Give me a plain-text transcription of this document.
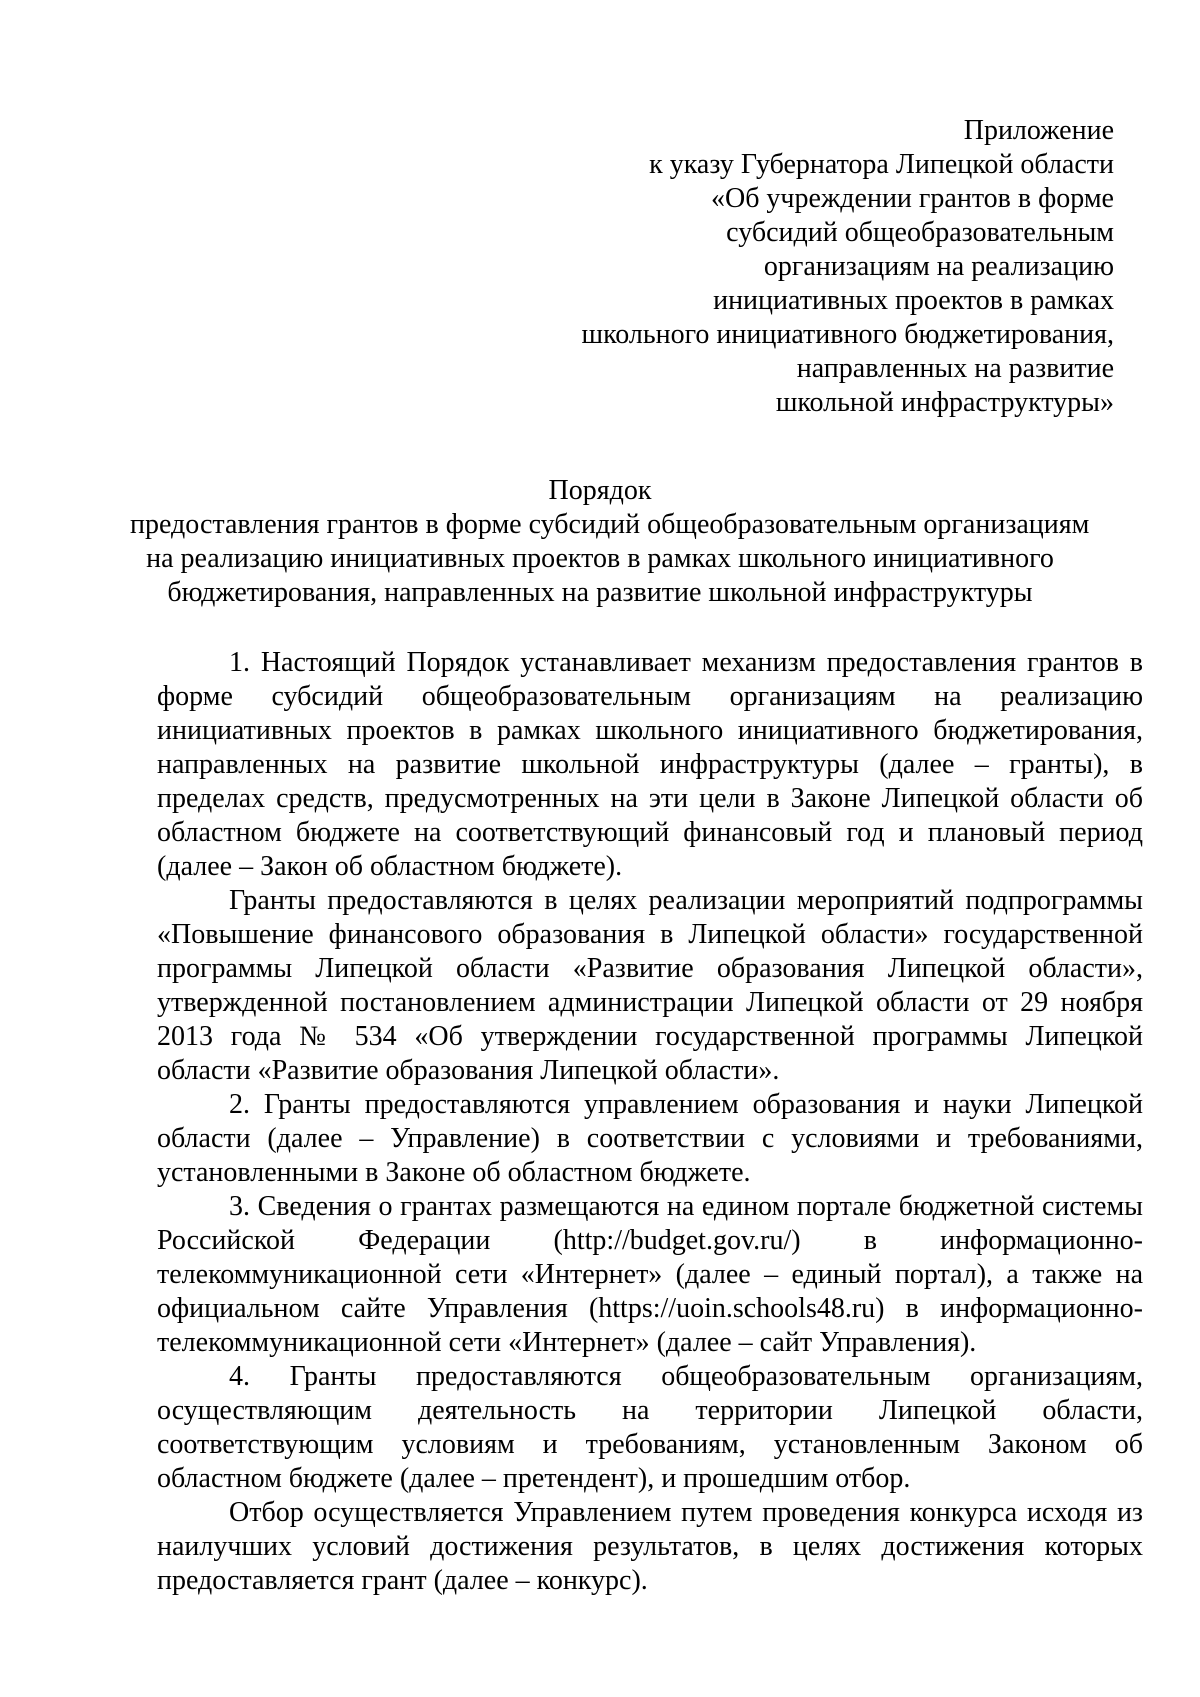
Приложение
к указу Губернатора Липецкой области
«Об учреждении грантов в форме
субсидий общеобразовательным
организациям на реализацию
инициативных проектов в рамках
школьного инициативного бюджетирования,
направленных на развитие
школьной инфраструктуры»
Порядок
предоставления грантов в форме субсидий общеобразовательным организациям
на реализацию инициативных проектов в рамках школьного инициативного
бюджетирования, направленных на развитие школьной инфраструктуры

1. Настоящий Порядок устанавливает механизм предоставления грантов в форме субсидий общеобразовательным организациям на реализацию инициативных проектов в рамках школьного инициативного бюджетирования, направленных на развитие школьной инфраструктуры (далее – гранты), в пределах средств, предусмотренных на эти цели в Законе Липецкой области об областном бюджете на соответствующий финансовый год и плановый период (далее – Закон об областном бюджете).

Гранты предоставляются в целях реализации мероприятий подпрограммы «Повышение финансового образования в Липецкой области» государственной программы Липецкой области «Развитие образования Липецкой области», утвержденной постановлением администрации Липецкой области от 29 ноября 2013 года № 534 «Об утверждении государственной программы Липецкой области «Развитие образования Липецкой области».

2. Гранты предоставляются управлением образования и науки Липецкой области (далее – Управление) в соответствии с условиями и требованиями, установленными в Законе об областном бюджете.

3. Сведения о грантах размещаются на едином портале бюджетной системы Российской Федерации (http://budget.gov.ru/) в информационно-телекоммуникационной сети «Интернет» (далее – единый портал), а также на официальном сайте Управления (https://uoin.schools48.ru) в информационно-телекоммуникационной сети «Интернет» (далее – сайт Управления).

4. Гранты предоставляются общеобразовательным организациям, осуществляющим деятельность на территории Липецкой области, соответствующим условиям и требованиям, установленным Законом об областном бюджете (далее – претендент), и прошедшим отбор.

Отбор осуществляется Управлением путем проведения конкурса исходя из наилучших условий достижения результатов, в целях достижения которых предоставляется грант (далее – конкурс).
